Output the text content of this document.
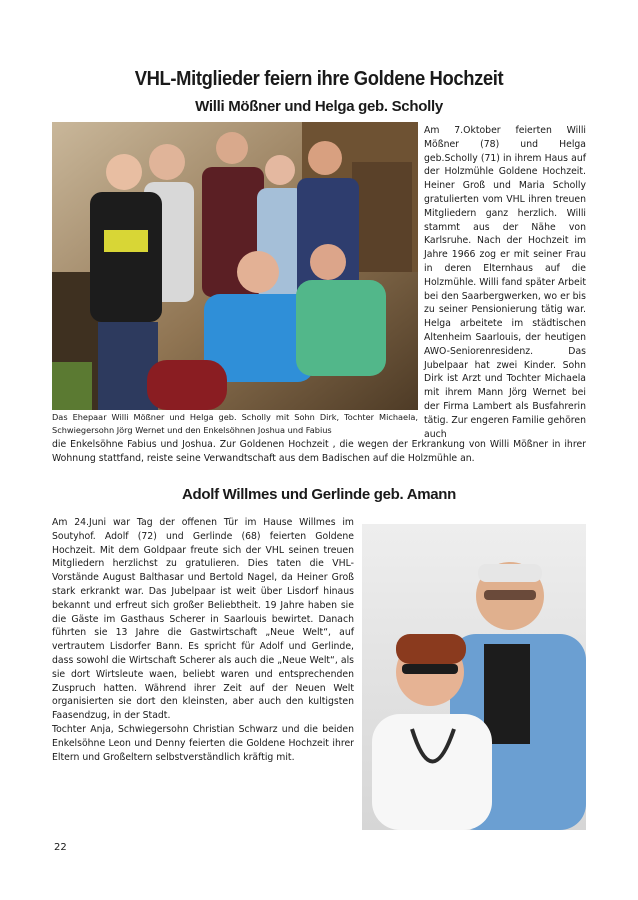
VHL-Mitglieder feiern ihre Goldene Hochzeit
Willi Mößner und Helga geb. Scholly

Am 7.Oktober feierten Willi Mößner (78) und Helga geb.Scholly (71) in ihrem Haus auf der Holzmühle Goldene Hochzeit. Heiner Groß und Maria Scholly gratulierten vom VHL ihren treuen Mitgliedern ganz herzlich. Willi stammt aus der Nähe von Karlsruhe. Nach der Hochzeit im Jahre 1966 zog er mit seiner Frau in deren Elternhaus auf die Holzmühle. Willi fand später Arbeit bei den Saarbergwerken, wo er bis zu seiner Pensionierung tätig war. Helga arbeitete im städtischen Altenheim Saarlouis, der heutigen AWO-Seniorenresidenz. Das Jubelpaar hat zwei Kinder. Sohn Dirk ist Arzt und Tochter Michaela mit ihrem Mann Jörg Wernet bei der Firma Lambert als Busfahrerin tätig. Zur engeren Familie gehören auch

Das Ehepaar Willi Mößner und Helga geb. Scholly mit Sohn Dirk, Tochter Michaela, Schwiegersohn Jörg Wernet und den Enkelsöhnen Joshua und Fabius

die Enkelsöhne Fabius und Joshua. Zur Goldenen Hochzeit , die wegen der Erkrankung von Willi Mößner in ihrer Wohnung stattfand, reiste seine Verwandtschaft aus dem Badischen auf die Holzmühle an.

Adolf Willmes und Gerlinde geb. Amann
Am 24.Juni war Tag der offenen Tür im Hause Willmes im Soutyhof. Adolf (72) und Gerlinde (68) feierten Goldene Hochzeit. Mit dem Goldpaar freute sich der VHL seinen treuen Mitgliedern herzlichst zu gratulieren. Dies taten die VHL-Vorstände August Balthasar und Bertold Nagel, da Heiner Groß stark erkrankt war. Das Jubelpaar ist weit über Lisdorf hinaus bekannt und erfreut sich großer Beliebtheit. 19 Jahre haben sie die Gäste im Gasthaus Scherer in Saarlouis bewirtet. Danach führten sie 13 Jahre die Gastwirtschaft „Neue Welt“, auf vertrautem Lisdorfer Bann. Es spricht für Adolf und Gerlinde, dass sowohl die Wirtschaft Scherer als auch die „Neue Welt“, als sie dort Wirtsleute waen, beliebt waren und entsprechenden Zuspruch hatten. Während ihrer Zeit auf der Neuen Welt organisierten sie dort den kleinsten, aber auch den kultigsten Faasendzug, in der Stadt.
Tochter Anja, Schwiegersohn Christian Schwarz und die beiden Enkelsöhne Leon und Denny feierten die Goldene Hochzeit ihrer Eltern und Großeltern selbstverständlich kräftig mit.

22
